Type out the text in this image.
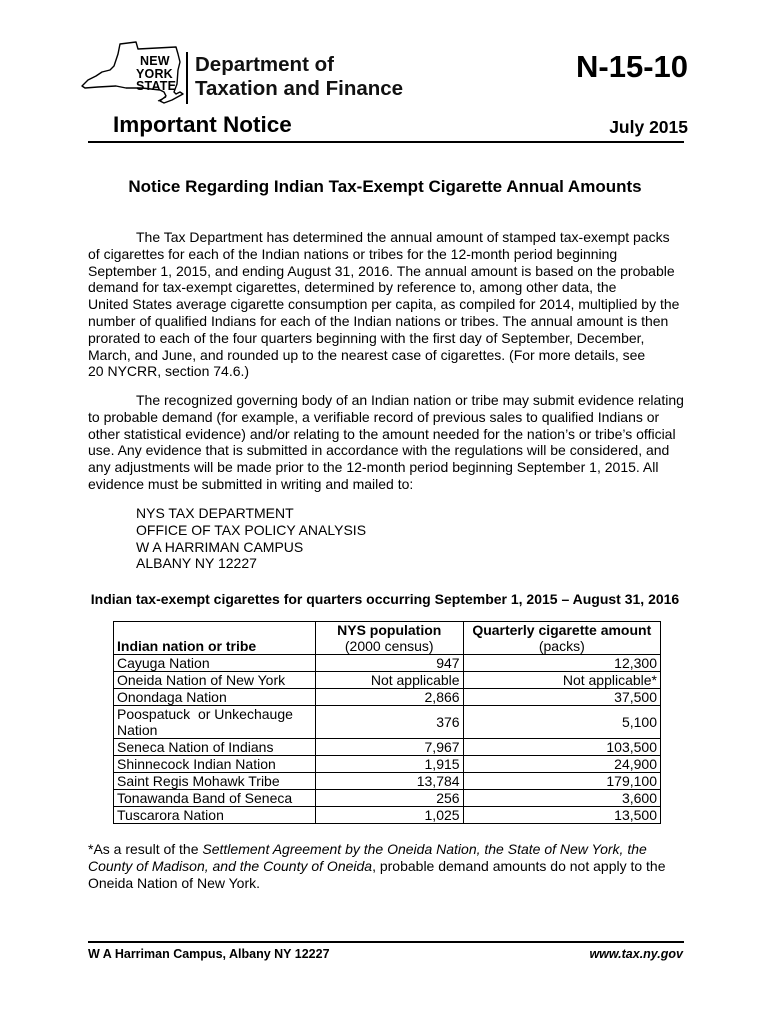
NEW
YORK
STATE
Department of
Taxation and Finance
N-15-10
Important Notice	July 2015
Notice Regarding Indian Tax-Exempt Cigarette Annual Amounts
The Tax Department has determined the annual amount of stamped tax-exempt packs
of cigarettes for each of the Indian nations or tribes for the 12-month period beginning
September 1, 2015, and ending August 31, 2016. The annual amount is based on the probable
demand for tax-exempt cigarettes, determined by reference to, among other data, the
United States average cigarette consumption per capita, as compiled for 2014, multiplied by the
number of qualified Indians for each of the Indian nations or tribes. The annual amount is then
prorated to each of the four quarters beginning with the first day of September, December,
March, and June, and rounded up to the nearest case of cigarettes. (For more details, see
20 NYCRR, section 74.6.)
The recognized governing body of an Indian nation or tribe may submit evidence relating
to probable demand (for example, a verifiable record of previous sales to qualified Indians or
other statistical evidence) and/or relating to the amount needed for the nation’s or tribe’s official
use. Any evidence that is submitted in accordance with the regulations will be considered, and
any adjustments will be made prior to the 12-month period beginning September 1, 2015. All
evidence must be submitted in writing and mailed to:
NYS TAX DEPARTMENT
OFFICE OF TAX POLICY ANALYSIS
W A HARRIMAN CAMPUS
ALBANY NY 12227
Indian tax-exempt cigarettes for quarters occurring September 1, 2015 – August 31, 2016
Indian nation or tribe	NYS population
(2000 census)	Quarterly cigarette amount
(packs)

Cayuga Nation	947	12,300
Oneida Nation of New York	Not applicable	Not applicable*
Onondaga Nation	2,866	37,500

Poospatuck  or Unkechauge
Nation	376	5,100
Seneca Nation of Indians	7,967	103,500
Shinnecock Indian Nation	1,915	24,900
Saint Regis Mohawk Tribe	13,784	179,100
Tonawanda Band of Seneca	256	3,600
Tuscarora Nation	1,025	13,500
*As a result of the Settlement Agreement by the Oneida Nation, the State of New York, the
County of Madison, and the County of Oneida, probable demand amounts do not apply to the
Oneida Nation of New York.
W A Harriman Campus, Albany NY 12227	www.tax.ny.gov
